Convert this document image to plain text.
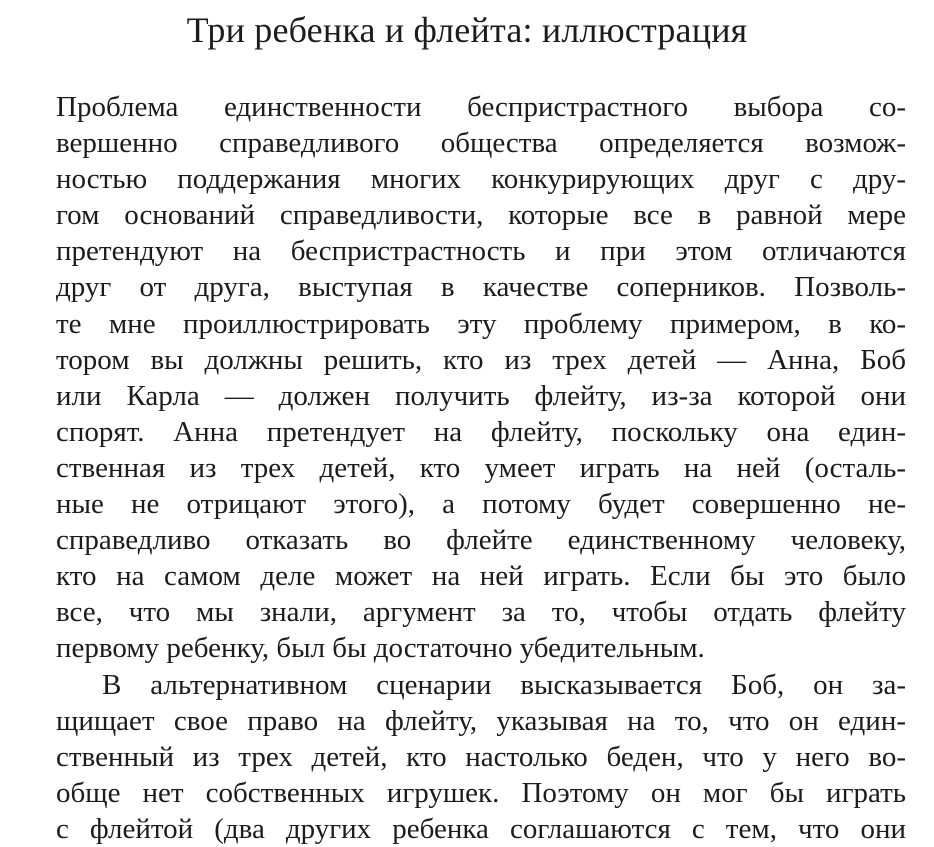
Три ребенка и флейта: иллюстрация
Проблема единственности беспристрастного выбора со-
вершенно справедливого общества определяется возмож-
ностью поддержания многих конкурирующих друг с дру-
гом оснований справедливости, которые все в равной мере
претендуют на беспристрастность и при этом отличаются
друг от друга, выступая в качестве соперников. Позволь-
те мне проиллюстрировать эту проблему примером, в ко-
тором вы должны решить, кто из трех детей — Анна, Боб
или Карла — должен получить флейту, из-за которой они
спорят. Анна претендует на флейту, поскольку она един-
ственная из трех детей, кто умеет играть на ней (осталь-
ные не отрицают этого), а потому будет совершенно не-
справедливо отказать во флейте единственному человеку,
кто на самом деле может на ней играть. Если бы это было
все, что мы знали, аргумент за то, чтобы отдать флейту
первому ребенку, был бы достаточно убедительным.
В альтернативном сценарии высказывается Боб, он за-
щищает свое право на флейту, указывая на то, что он един-
ственный из трех детей, кто настолько беден, что у него во-
обще нет собственных игрушек. Поэтому он мог бы играть
с флейтой (два других ребенка соглашаются с тем, что они
